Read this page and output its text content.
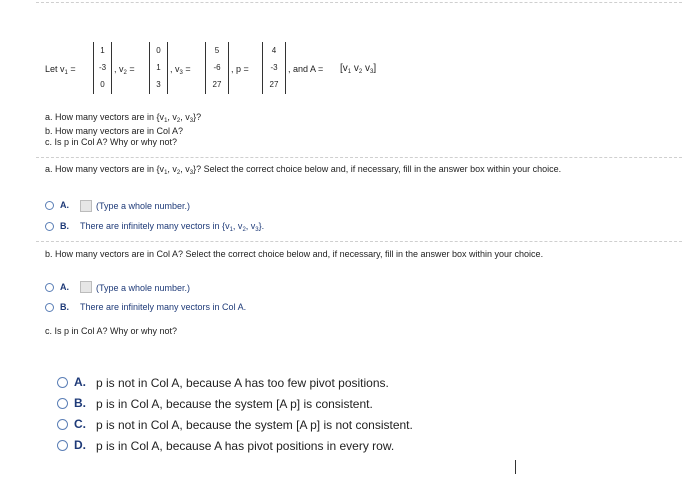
Let $v_1$ =
1
-3
0
, $v_2$ =
0
1
3
, $v_3$ =
5
-6
27
, p =
4
-3
27
, and $A = [v_1$ $v_2$ $v_3$]
a. How many vectors are in {$v_1$, $v_2$, $v_3$}?
b. How many vectors are in Col A?
c. Is p in Col A? Why or why not?
a. How many vectors are in {$v_1$, $v_2$, $v_3$}? Select the correct choice below and, if necessary, fill in the answer box within your choice.
A.	(Type a whole number.)
B. There are infinitely many vectors in {$v_1$, $v_2$, $v_3$}.
b. How many vectors are in Col A? Select the correct choice below and, if necessary, fill in the answer box within your choice.
A.	(Type a whole number.)
B. There are infinitely many vectors in Col A.
c. Is p in Col A? Why or why not?
A. p is not in Col A, because A has too few pivot positions.
B. p is in Col A, because the system [A p] is consistent.
C. p is not in Col A, because the system [A p] is not consistent.
D. p is in Col A, because A has pivot positions in every row.
